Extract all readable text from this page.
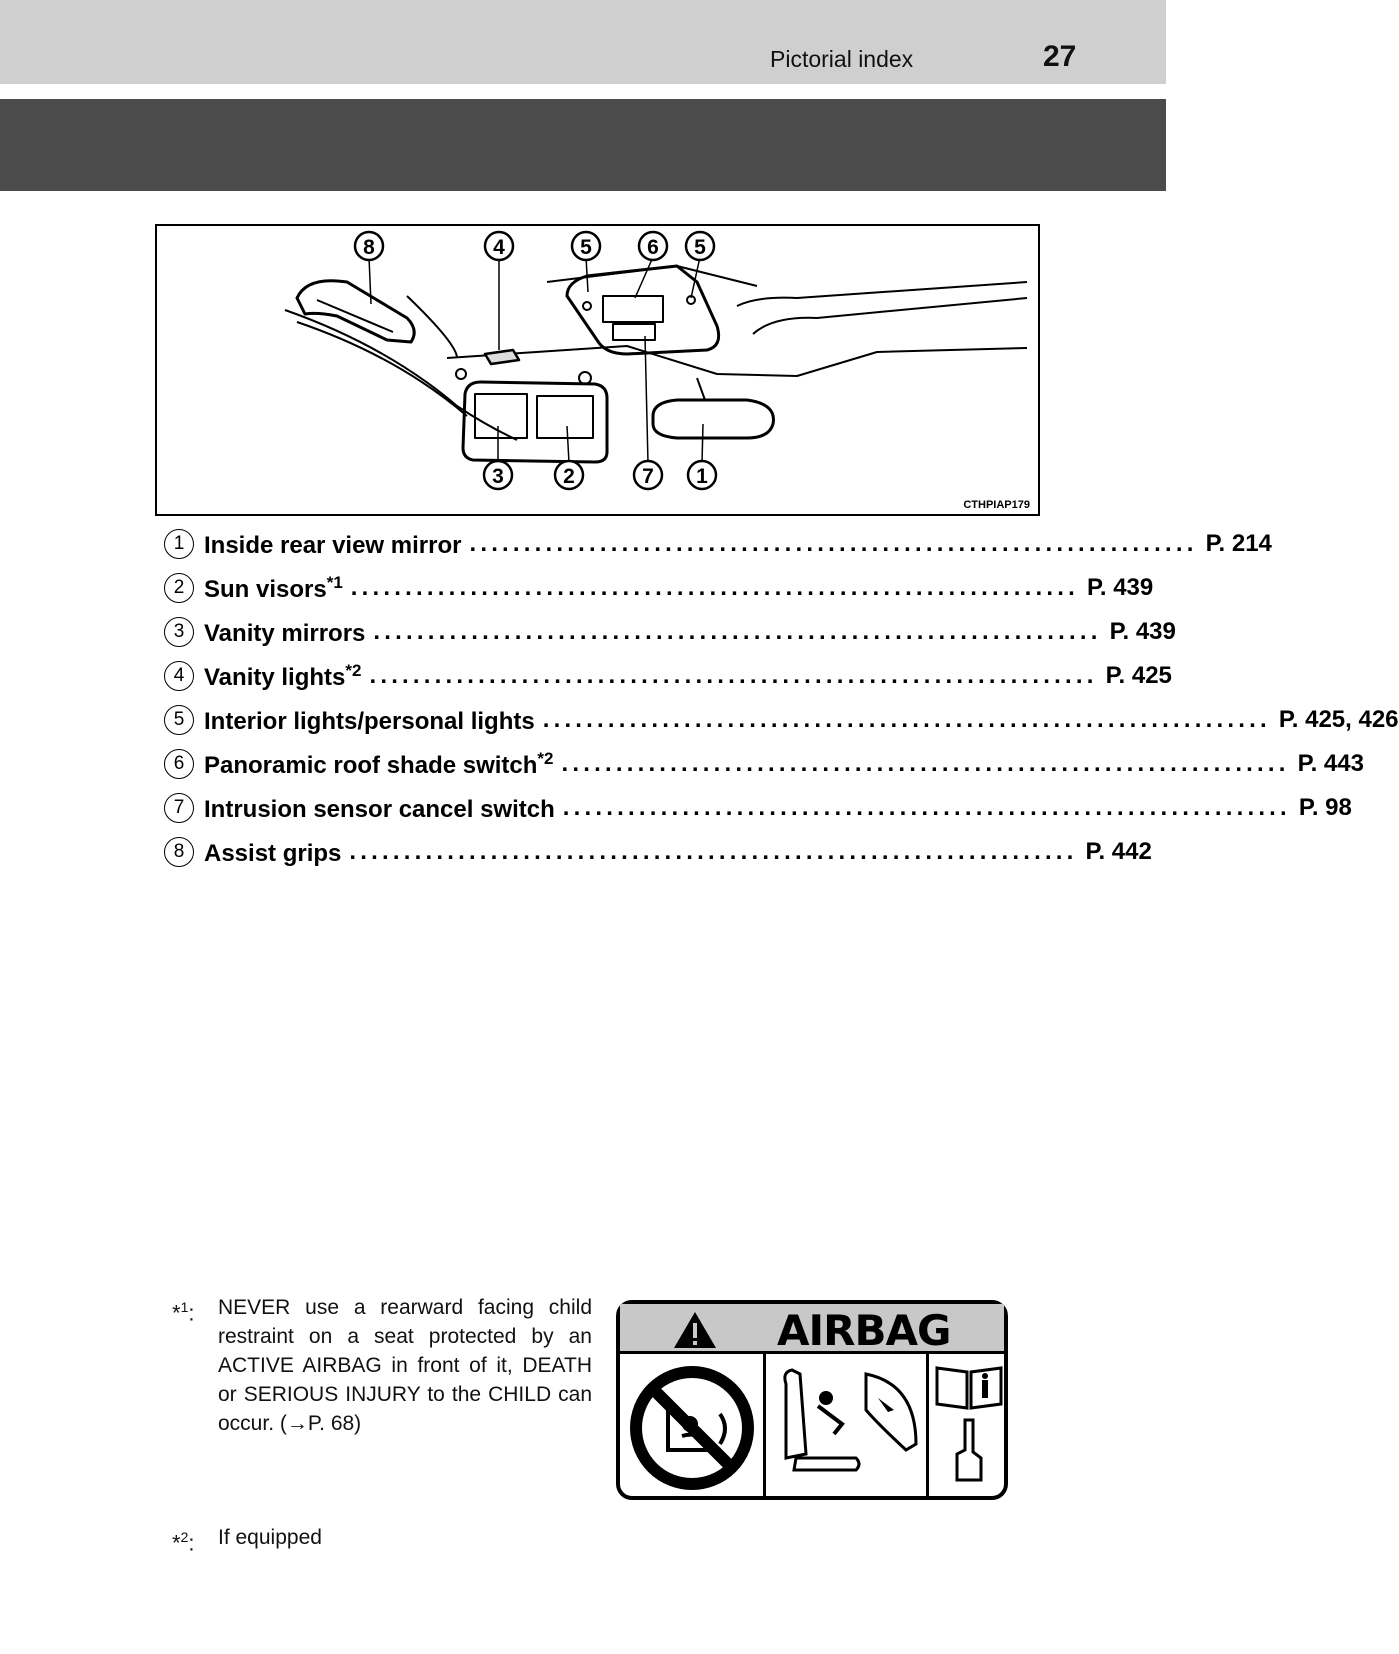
Pictorial index	27
8	4	5	6 5
3	2	7 1
CTHPIAP179
1 Inside rear view mirror ................................................................... P. 214
2 Sun visors$^{*1}$ ................................................................... P. 439
3 Vanity mirrors ................................................................... P. 439
4 Vanity lights$^{*2}$ ................................................................... P. 425
5 Interior lights/personal lights ................................................................... P. 425, 426
6 Panoramic roof shade switch$^{*2}$ ................................................................... P. 443
7 Intrusion sensor cancel switch ................................................................... P. 98
8 Assist grips ................................................................... P. 442
*$^1$: NEVER use a rearward facing child restraint on a seat protected by an ACTIVE AIRBAG in front of it, DEATH or SERIOUS INJURY to the CHILD can occur. (→P. 68)
*$^2$: If equipped
AIRBAG
